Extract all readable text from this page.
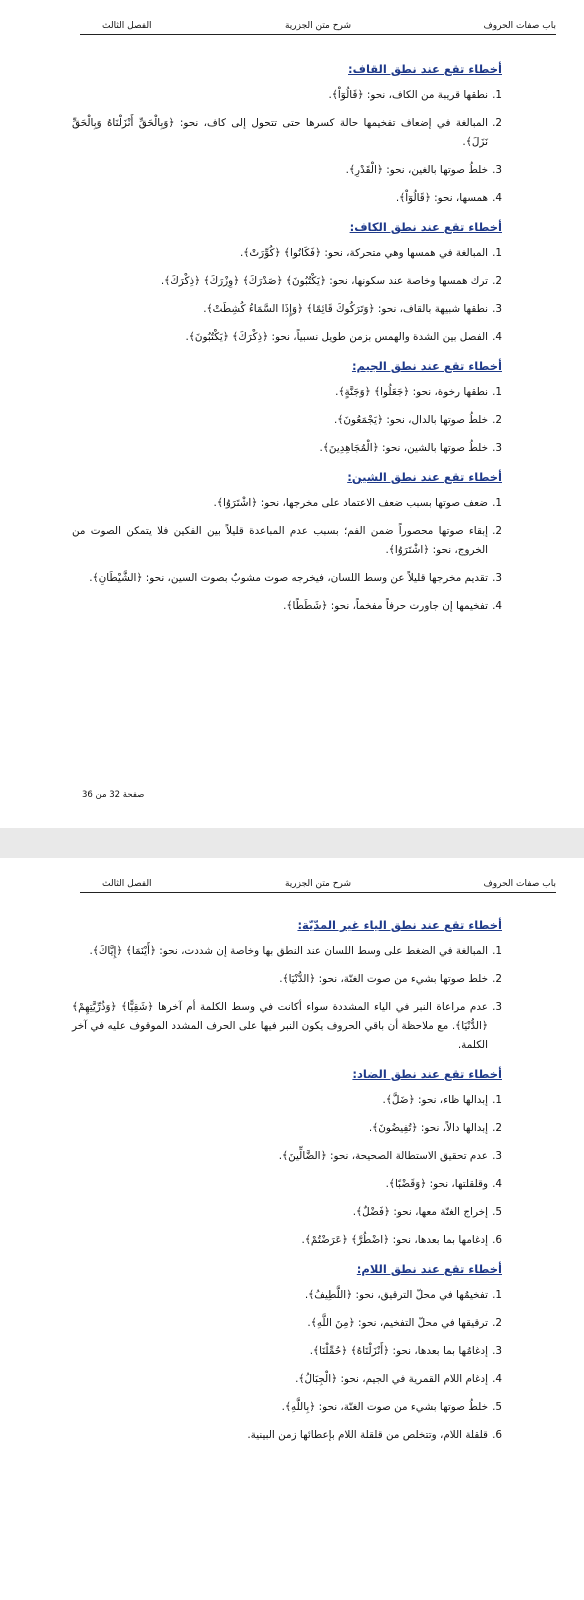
باب صفات الحروف
شرح متن الجزرية
الفصل الثالث
أخطاء تقع عند نطق القاف:
1.
نطقها قريبة من الكاف، نحو: ﴿قَالُوٓاْ﴾.
2.
المبالغة في إضعاف تفخيمها حالة كسرها حتى تتحول إلى كاف، نحو: ﴿وَبِالْحَقِّ أَنْزَلْنَاهُ وَبِالْحَقِّ نَزَلَ﴾.
3.
خلطُ صوتها بالغين، نحو: ﴿الْقَدْرِ﴾.
4.
همسها، نحو: ﴿قَالُوٓاْ﴾.
أخطاء تقع عند نطق الكاف:
1.
المبالغة في همسها وهي متحركة، نحو: ﴿فَكَانُوا﴾ ﴿كُوِّرَتْ﴾.
2.
ترك همسها وخاصة عند سكونها، نحو: ﴿يَكْتُبُونَ﴾ ﴿صَدْرَكَ﴾ ﴿وِزْرَكَ﴾ ﴿ذِكْرَكَ﴾.
3.
نطقها شبيهة بالقاف، نحو: ﴿وَتَرَكُوكَ قَائِمًا﴾ ﴿وَإِذَا السَّمَاءُ كُشِطَتْ﴾.
4.
الفصل بين الشدة والهمس بزمن طويل نسبياً، نحو: ﴿ذِكْرَكَ﴾ ﴿يَكْتُبُونَ﴾.
أخطاء تقع عند نطق الجيم:
1.
نطقها رخوة، نحو: ﴿جَعَلُوا﴾ ﴿وَجَنَّةٍ﴾.
2.
خلطُ صوتها بالدال، نحو: ﴿يَجْمَعُونَ﴾.
3.
خلطُ صوتها بالشين، نحو: ﴿الْمُجَاهِدِينَ﴾.
أخطاء تقع عند نطق الشين:
1.
ضعف صوتها بسبب ضعف الاعتماد على مخرجها، نحو: ﴿اشْتَرَوُا﴾.
2.
إبقاء صوتها محصوراً ضمن الفم؛ بسبب عدم المباعدة قليلاً بين الفكين فلا يتمكن الصوت من الخروج، نحو: ﴿اشْتَرَوُا﴾.
3.
تقديم مخرجها قليلاً عن وسط اللسان، فيخرجه صوت مشوبٌ بصوت السين، نحو: ﴿الشَّيْطَانِ﴾.
4.
تفخيمها إن جاورت حرفاً مفخماً، نحو: ﴿شَطَطًا﴾.
صفحة 32 من 36
باب صفات الحروف
شرح متن الجزرية
الفصل الثالث
أخطاء تقع عند نطق الياء غير المدّيّة:
1.
المبالغة في الضغط على وسط اللسان عند النطق بها وخاصة إن شددت، نحو: ﴿أَيْنَمَا﴾ ﴿إِيَّاكَ﴾.
2.
خلط صوتها بشيء من صوت الغنّة، نحو: ﴿الدُّنْيَا﴾.
3.
عدم مراعاة النبر في الياء المشددة سواء أكانت في وسط الكلمة أم آخرها ﴿شَقِيًّا﴾ ﴿وَذُرِّيَّتِهِمْ﴾ ﴿الدُّنْيَا﴾. مع ملاحظة أن باقي الحروف يكون النبر فيها على الحرف المشدد الموقوف عليه في آخر الكلمة.
أخطاء تقع عند نطق الضاد:
1.
إبدالها ظاء، نحو: ﴿ضَلَّ﴾.
2.
إبدالها دالاً، نحو: ﴿تُفِيضُونَ﴾.
3.
عدم تحقيق الاستطالة الصحيحة، نحو: ﴿الضَّالِّينَ﴾.
4.
وقلقلتها، نحو: ﴿وَقَضْبًا﴾.
5.
إخراج الغنّة معها، نحو: ﴿فَضْلٌ﴾.
6.
إدغامها بما بعدها، نحو: ﴿اضْطُرَّ﴾ ﴿عَرَضْتُمْ﴾.
أخطاء تقع عند نطق اللام:
1.
تفخيمُها في محلّ الترقيق، نحو: ﴿اللَّطِيفُ﴾.
2.
ترقيقها في محلّ التفخيم، نحو: ﴿مِنَ اللَّهِ﴾.
3.
إدغامُها بما بعدها، نحو: ﴿أَنْزَلْنَاهُ﴾ ﴿حُمِّلْنَا﴾.
4.
إدغام اللام القمرية في الجيم، نحو: ﴿الْجِبَالُ﴾.
5.
خلطُ صوتها بشيء من صوت الغنّة، نحو: ﴿بِاللَّهِ﴾.
6.
قلقلة اللام، وتتخلص من قلقلة اللام بإعطائها زمن البينية.
